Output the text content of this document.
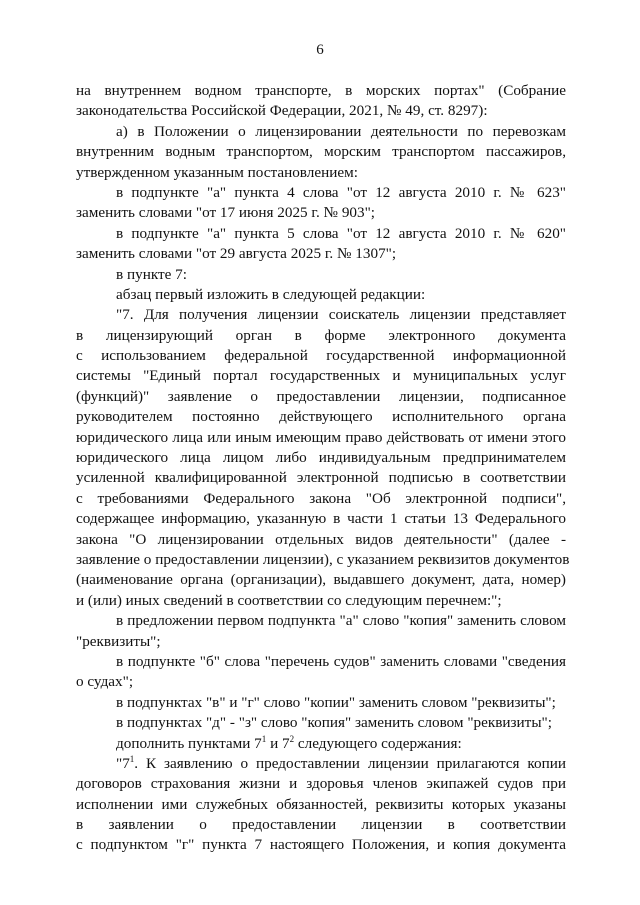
6
на внутреннем водном транспорте, в морских портах" (Собрание
законодательства Российской Федерации, 2021, № 49, ст. 8297):
а) в Положении о лицензировании деятельности по перевозкам
внутренним водным транспортом, морским транспортом пассажиров,
утвержденном указанным постановлением:
в подпункте "а" пункта 4 слова "от 12 августа 2010 г. № 623"
заменить словами "от 17 июня 2025 г. № 903";
в подпункте "а" пункта 5 слова "от 12 августа 2010 г. № 620"
заменить словами "от 29 августа 2025 г. № 1307";
в пункте 7:
абзац первый изложить в следующей редакции:
"7. Для получения лицензии соискатель лицензии представляет
в лицензирующий орган в форме электронного документа
с использованием федеральной государственной информационной
системы "Единый портал государственных и муниципальных услуг
(функций)" заявление о предоставлении лицензии, подписанное
руководителем постоянно действующего исполнительного органа
юридического лица или иным имеющим право действовать от имени этого
юридического лица лицом либо индивидуальным предпринимателем
усиленной квалифицированной электронной подписью в соответствии
с требованиями Федерального закона "Об электронной подписи",
содержащее информацию, указанную в части 1 статьи 13 Федерального
закона "О лицензировании отдельных видов деятельности" (далее -
заявление о предоставлении лицензии), с указанием реквизитов документов
(наименование органа (организации), выдавшего документ, дата, номер)
и (или) иных сведений в соответствии со следующим перечнем:";
в предложении первом подпункта "а" слово "копия" заменить словом
"реквизиты";
в подпункте "б" слова "перечень судов" заменить словами "сведения
о судах";
в подпунктах "в" и "г" слово "копии" заменить словом "реквизиты";
в подпунктах "д" - "з" слово "копия" заменить словом "реквизиты";
дополнить пунктами $7^1$ и $7^2$ следующего содержания:
"$7^1$. К заявлению о предоставлении лицензии прилагаются копии
договоров страхования жизни и здоровья членов экипажей судов при
исполнении ими служебных обязанностей, реквизиты которых указаны
в заявлении о предоставлении лицензии в соответствии
с подпунктом "г" пункта 7 настоящего Положения, и копия документа
